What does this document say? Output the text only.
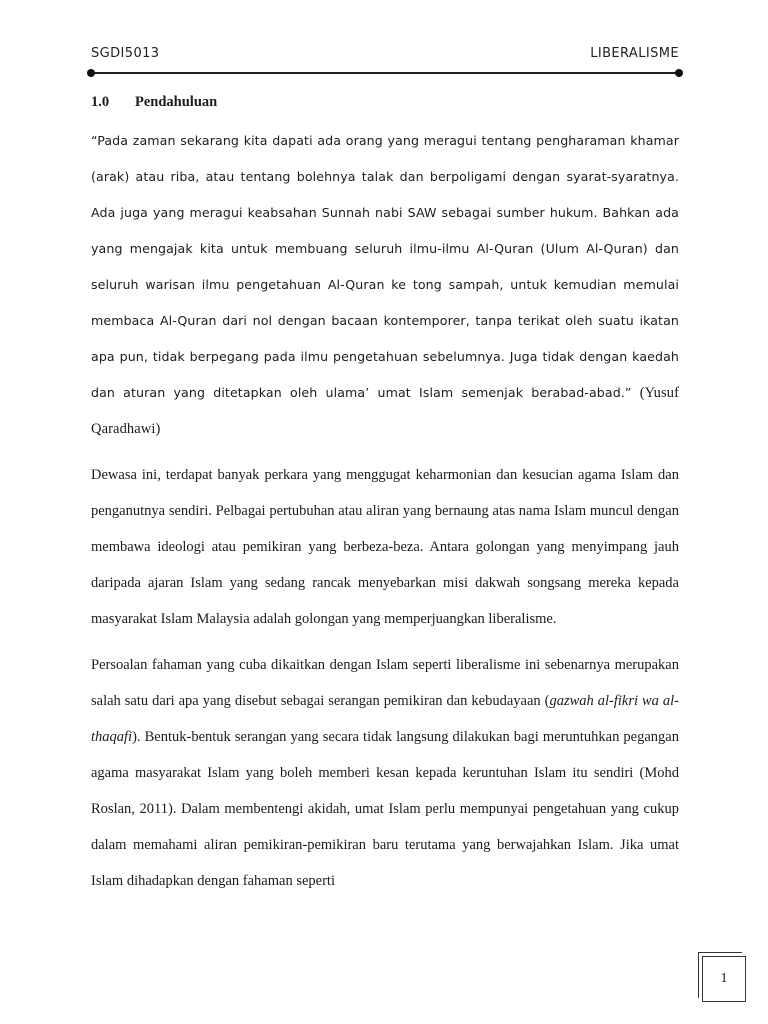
SGDI5013	LIBERALISME
1.0 Pendahuluan

“Pada zaman sekarang kita dapati ada orang yang meragui tentang pengharaman khamar (arak) atau riba, atau tentang bolehnya talak dan berpoligami dengan syarat-syaratnya. Ada juga yang meragui keabsahan Sunnah nabi SAW sebagai sumber hukum. Bahkan ada yang mengajak kita untuk membuang seluruh ilmu-ilmu Al-Quran (Ulum Al-Quran) dan seluruh warisan ilmu pengetahuan Al-Quran ke tong sampah, untuk kemudian memulai membaca Al-Quran dari nol dengan bacaan kontemporer, tanpa terikat oleh suatu ikatan apa pun, tidak berpegang pada ilmu pengetahuan sebelumnya. Juga tidak dengan kaedah dan aturan yang ditetapkan oleh ulama’ umat Islam semenjak berabad-abad.” (Yusuf Qaradhawi)

Dewasa ini, terdapat banyak perkara yang menggugat keharmonian dan kesucian agama Islam dan penganutnya sendiri. Pelbagai pertubuhan atau aliran yang bernaung atas nama Islam muncul dengan membawa ideologi atau pemikiran yang berbeza-beza. Antara golongan yang menyimpang jauh daripada ajaran Islam yang sedang rancak menyebarkan misi dakwah songsang mereka kepada masyarakat Islam Malaysia adalah golongan yang memperjuangkan liberalisme.

Persoalan fahaman yang cuba dikaitkan dengan Islam seperti liberalisme ini sebenarnya merupakan salah satu dari apa yang disebut sebagai serangan pemikiran dan kebudayaan (gazwah al-fikri wa al-thaqafi). Bentuk-bentuk serangan yang secara tidak langsung dilakukan bagi meruntuhkan pegangan agama masyarakat Islam yang boleh memberi kesan kepada keruntuhan Islam itu sendiri (Mohd Roslan, 2011). Dalam membentengi akidah, umat Islam perlu mempunyai pengetahuan yang cukup dalam memahami aliran pemikiran-pemikiran baru terutama yang berwajahkan Islam. Jika umat Islam dihadapkan dengan fahaman seperti

1
